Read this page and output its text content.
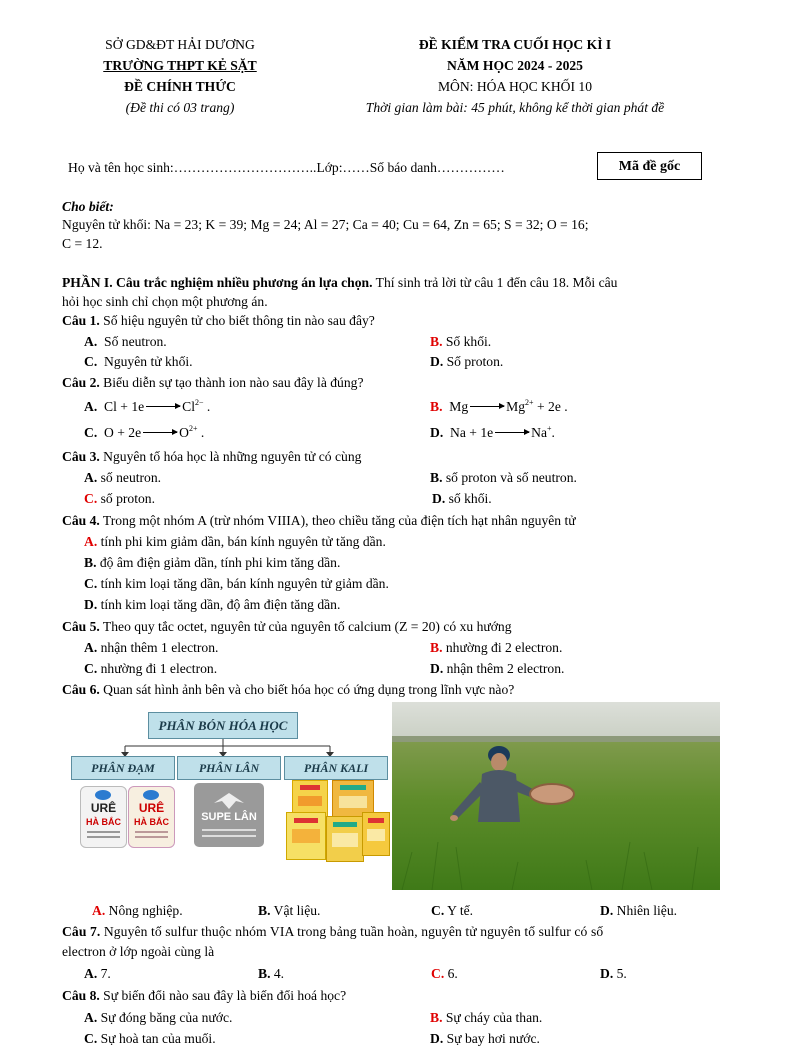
SỞ GD&ĐT HẢI DƯƠNG
TRƯỜNG THPT KẺ SẶT
ĐỀ CHÍNH THỨC
(Đề thi có 03 trang)
ĐỀ KIỂM TRA CUỐI HỌC KÌ I
NĂM HỌC 2024 - 2025
MÔN: HÓA HỌC KHỐI 10
Thời gian làm bài: 45 phút, không kể thời gian phát đề
Họ và tên học sinh:…………………………..Lớp:……Số báo danh……………	Mã đề gốc
Cho biết:
Nguyên tử khối: Na = 23; K = 39; Mg = 24; Al = 27; Ca = 40; Cu = 64, Zn = 65; S = 32; O = 16;
C = 12.
PHẦN I. Câu trắc nghiệm nhiều phương án lựa chọn. Thí sinh trả lời từ câu 1 đến câu 18. Mỗi câu
hỏi học sinh chỉ chọn một phương án.
Câu 1. Số hiệu nguyên tử cho biết thông tin nào sau đây?
A. Số neutron.	B. Số khối.
C. Nguyên tử khối.	D. Số proton.
Câu 2. Biểu diễn sự tạo thành ion nào sau đây là đúng?
A. $Cl + 1e \to Cl^{2-}$ .	B. $Mg \to Mg^{2+} + 2e$ .
C. $O + 2e \to O^{2+}$ .	D. Na + 1e → Na+.
Câu 3. Nguyên tố hóa học là những nguyên tử có cùng
A. số neutron.	B. số proton và số neutron.
C. số proton.	D. số khối.
Câu 4. Trong một nhóm A (trừ nhóm VIIIA), theo chiều tăng của điện tích hạt nhân nguyên tử
A. tính phi kim giảm dần, bán kính nguyên tử tăng dần.
B. độ âm điện giảm dần, tính phi kim tăng dần.
C. tính kim loại tăng dần, bán kính nguyên tử giảm dần.
D. tính kim loại tăng dần, độ âm điện tăng dần.
Câu 5. Theo quy tắc octet, nguyên tử của nguyên tố calcium (Z = 20) có xu hướng
A. nhận thêm 1 electron.	B. nhường đi 2 electron.
C. nhường đi 1 electron.	D. nhận thêm 2 electron.
Câu 6. Quan sát hình ảnh bên và cho biết hóa học có ứng dụng trong lĩnh vực nào?
PHÂN BÓN HÓA HỌC
PHÂN ĐẠM	PHÂN LÂN	PHÂN KALI
URÊ
HÀ BẮC
URÊ
HÀ BẮC	SUPE LÂN
A. Nông nghiệp.	B. Vật liệu.	C. Y tế.	D. Nhiên liệu.
Câu 7. Nguyên tố sulfur thuộc nhóm VIA trong bảng tuần hoàn, nguyên tử nguyên tố sulfur có số
electron ở lớp ngoài cùng là
A. 7.	B. 4.	C. 6.	D. 5.
Câu 8. Sự biến đổi nào sau đây là biến đổi hoá học?
A. Sự đóng băng của nước.	B. Sự cháy của than.
C. Sự hoà tan của muối.	D. Sự bay hơi nước.
